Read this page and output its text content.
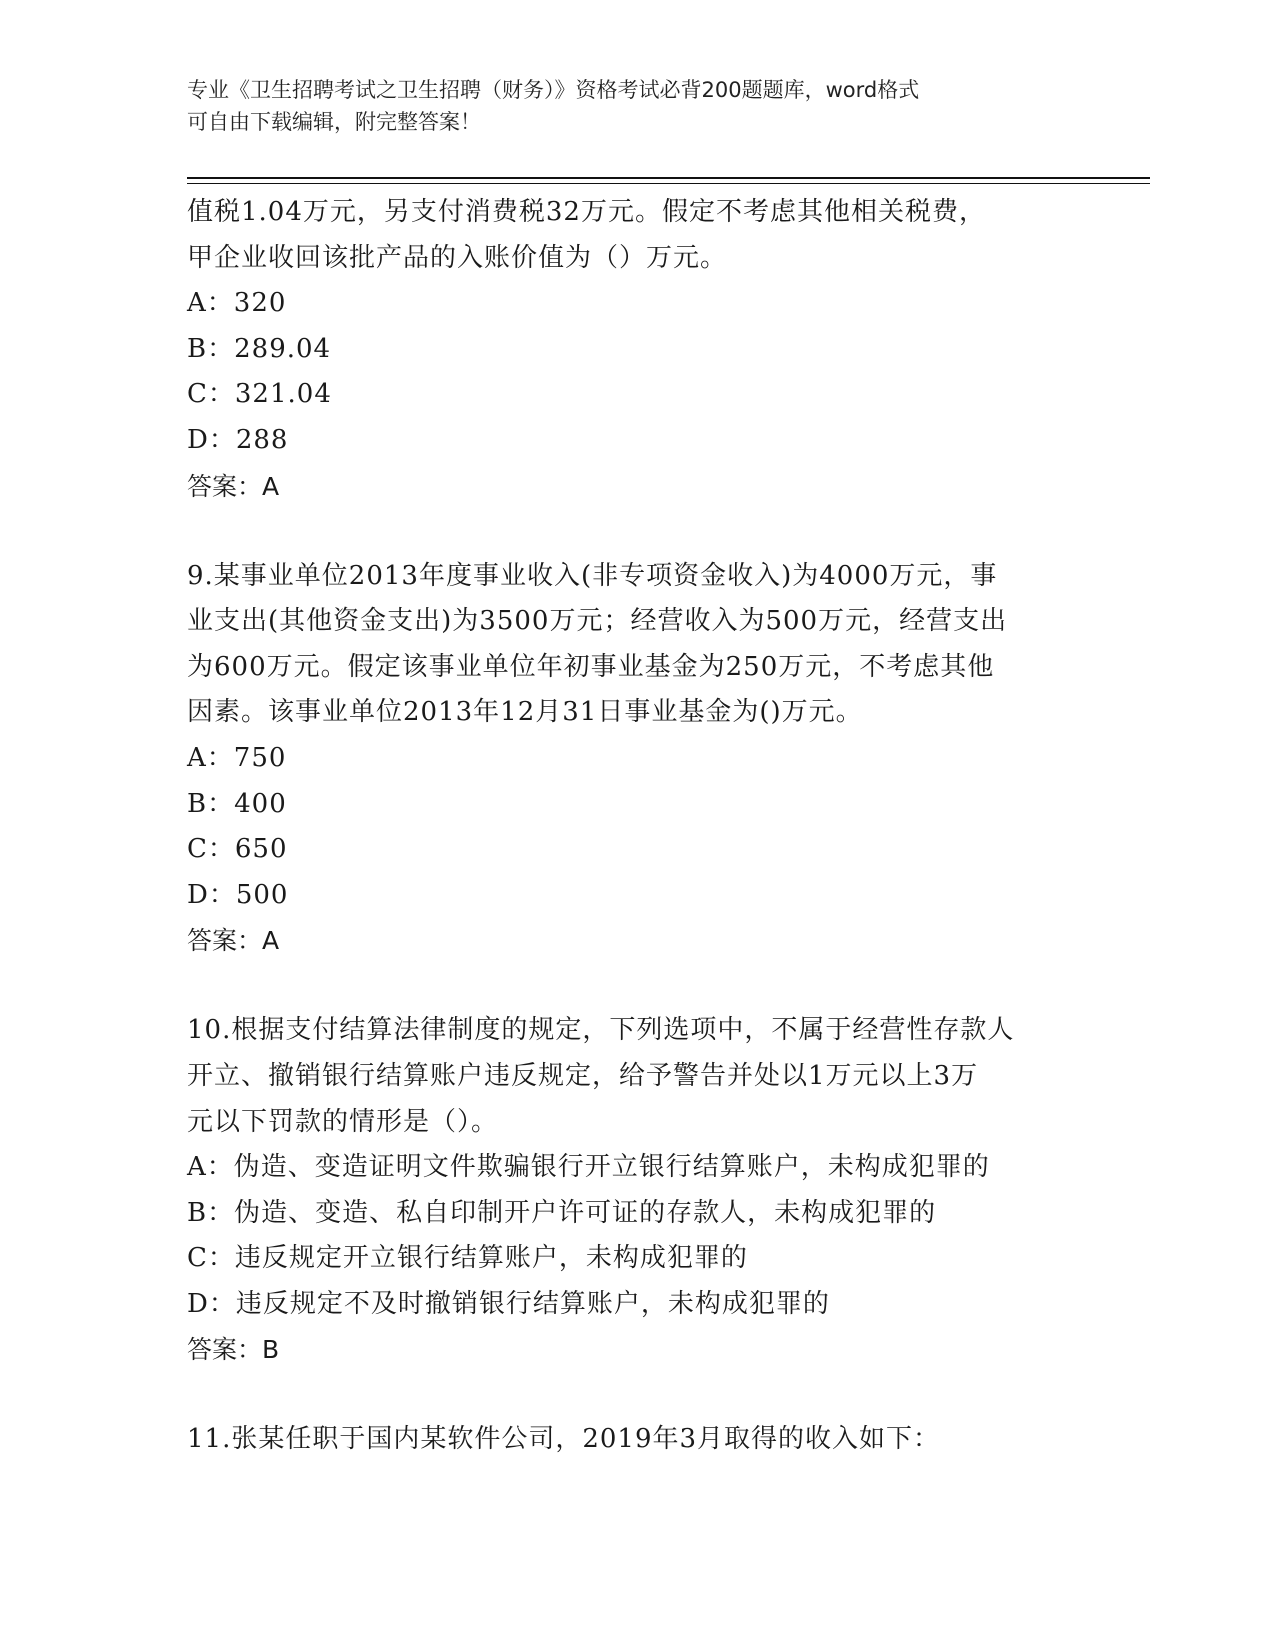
专业《卫生招聘考试之卫生招聘（财务）》资格考试必背200题题库，word格式

可自由下载编辑，附完整答案！

值税1.04万元，另支付消费税32万元。假定不考虑其他相关税费，
甲企业收回该批产品的入账价值为（）万元。
A：320
B：289.04
C：321.04
D：288
答案：A
9.某事业单位2013年度事业收入(非专项资金收入)为4000万元，事
业支出(其他资金支出)为3500万元；经营收入为500万元，经营支出
为600万元。假定该事业单位年初事业基金为250万元，不考虑其他
因素。该事业单位2013年12月31日事业基金为()万元。
A：750
B：400
C：650
D：500
答案：A
10.根据支付结算法律制度的规定，下列选项中，不属于经营性存款人
开立、撤销银行结算账户违反规定，给予警告并处以1万元以上3万
元以下罚款的情形是（）。
A：伪造、变造证明文件欺骗银行开立银行结算账户，未构成犯罪的
B：伪造、变造、私自印制开户许可证的存款人，未构成犯罪的
C：违反规定开立银行结算账户，未构成犯罪的
D：违反规定不及时撤销银行结算账户，未构成犯罪的
答案：B
11.张某任职于国内某软件公司，2019年3月取得的收入如下：
